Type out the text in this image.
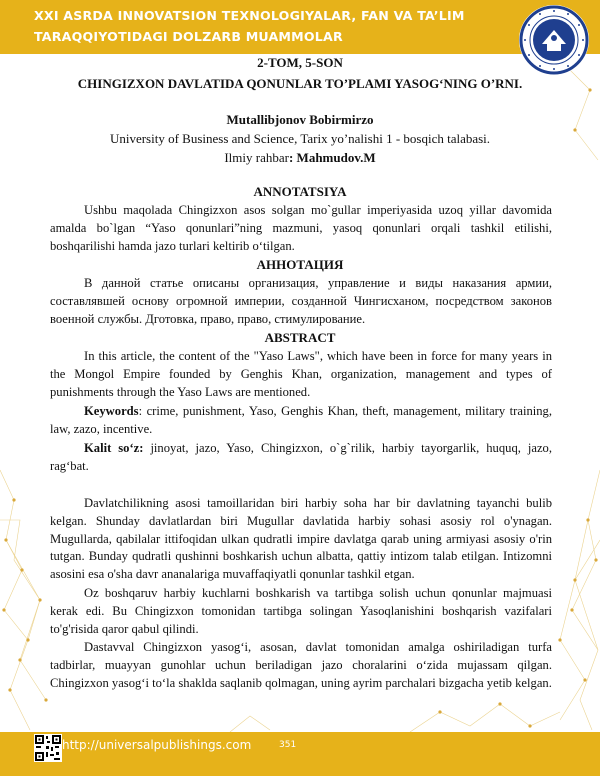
XXI ASRDA INNOVATSION TEXNOLOGIYALAR, FAN VA TA’LIM
TARAQQIYOTIDAGI DOLZARB MUAMMOLAR
2-TOM, 5-SON
CHINGIZXON DAVLATIDA QONUNLAR TO’PLAMI YASOG‘NING O’RNI.
Mutallibjonov Bobirmirzo
University of Business and Science, Tarix yo’nalishi 1 - bosqich talabasi.
Ilmiy rahbar: Mahmudov.M
ANNOTATSIYA
Ushbu maqolada Chingizxon asos solgan mo`gullar imperiyasida uzoq yillar davomida amalda bo`lgan “Yaso qonunlari”ning mazmuni, yasoq qonunlari orqali tashkil etilishi, boshqarilishi hamda jazo turlari keltirib o‘tilgan.
АННОТАЦИЯ
В данной статье описаны организация, управление и виды наказания армии, составлявшей основу огромной империи, созданной Чингисханом, посредством законов военной службы. Дготовка, право, право, стимулирование.
ABSTRACT
In this article, the content of the "Yaso Laws", which have been in force for many years in the Mongol Empire founded by Genghis Khan, organization, management and types of punishments through the Yaso Laws are mentioned.
Keywords: crime, punishment, Yaso, Genghis Khan, theft, management, military training, law, zazo, incentive.
Kalit so‘z: jinoyat, jazo, Yaso, Chingizxon, o`g`rilik, harbiy tayorgarlik, huquq, jazo, rag‘bat.
Davlatchilikning asosi tamoillaridan biri harbiy soha har bir davlatning tayanchi bulib kelgan. Shunday davlatlardan biri Mugullar davlatida harbiy sohasi asosiy rol o'ynagan. Mugullarda, qabilalar ittifoqidan ulkan qudratli impire davlatga qarab uning armiyasi asosiy o'rin tutgan. Bunday qudratli qushinni boshkarish uchun albatta, qattiy intizom talab etilgan. Intizomni asosini esa o'sha davr ananalariga muvaffaqiyatli qonunlar tashkil etgan.
Oz boshqaruv harbiy kuchlarni boshkarish va tartibga solish uchun qonunlar majmuasi kerak edi. Bu Chingizxon tomonidan tartibga solingan Yasoqlanishini boshqarish vazifalari to'g'risida qaror qabul qilindi.
Dastavval Chingizxon yasog‘i, asosan, davlat tomonidan amalga oshiriladigan turfa tadbirlar, muayyan gunohlar uchun beriladigan jazo choralarini o‘zida mujassam qilgan. Chingizxon yasog‘i to‘la shaklda saqlanib qolmagan, uning ayrim parchalari bizgacha yetib kelgan.
http://universalpublishings.com	351
